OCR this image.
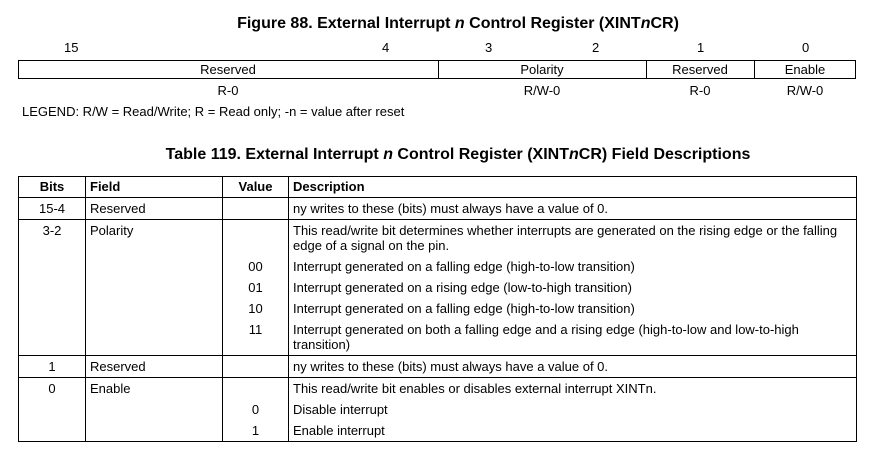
Figure 88. External Interrupt n Control Register (XINTnCR)
15	4	3	2	1	0
Reserved	Polarity	Reserved	Enable
R-0	R/W-0	R-0	R/W-0
LEGEND: R/W = Read/Write; R = Read only; -n = value after reset
Table 119. External Interrupt n Control Register (XINTnCR) Field Descriptions
Bits	Field	Value	Description
15-4	Reserved		ny writes to these (bits) must always have a value of 0.
3-2	Polarity		This read/write bit determines whether interrupts are generated on the rising edge or the falling edge of a signal on the pin.
		00	Interrupt generated on a falling edge (high-to-low transition)
		01	Interrupt generated on a rising edge (low-to-high transition)
		10	Interrupt generated on a falling edge (high-to-low transition)
		11	Interrupt generated on both a falling edge and a rising edge (high-to-low and low-to-high transition)
1	Reserved		ny writes to these (bits) must always have a value of 0.
0	Enable		This read/write bit enables or disables external interrupt XINTn.
		0	Disable interrupt
		1	Enable interrupt
